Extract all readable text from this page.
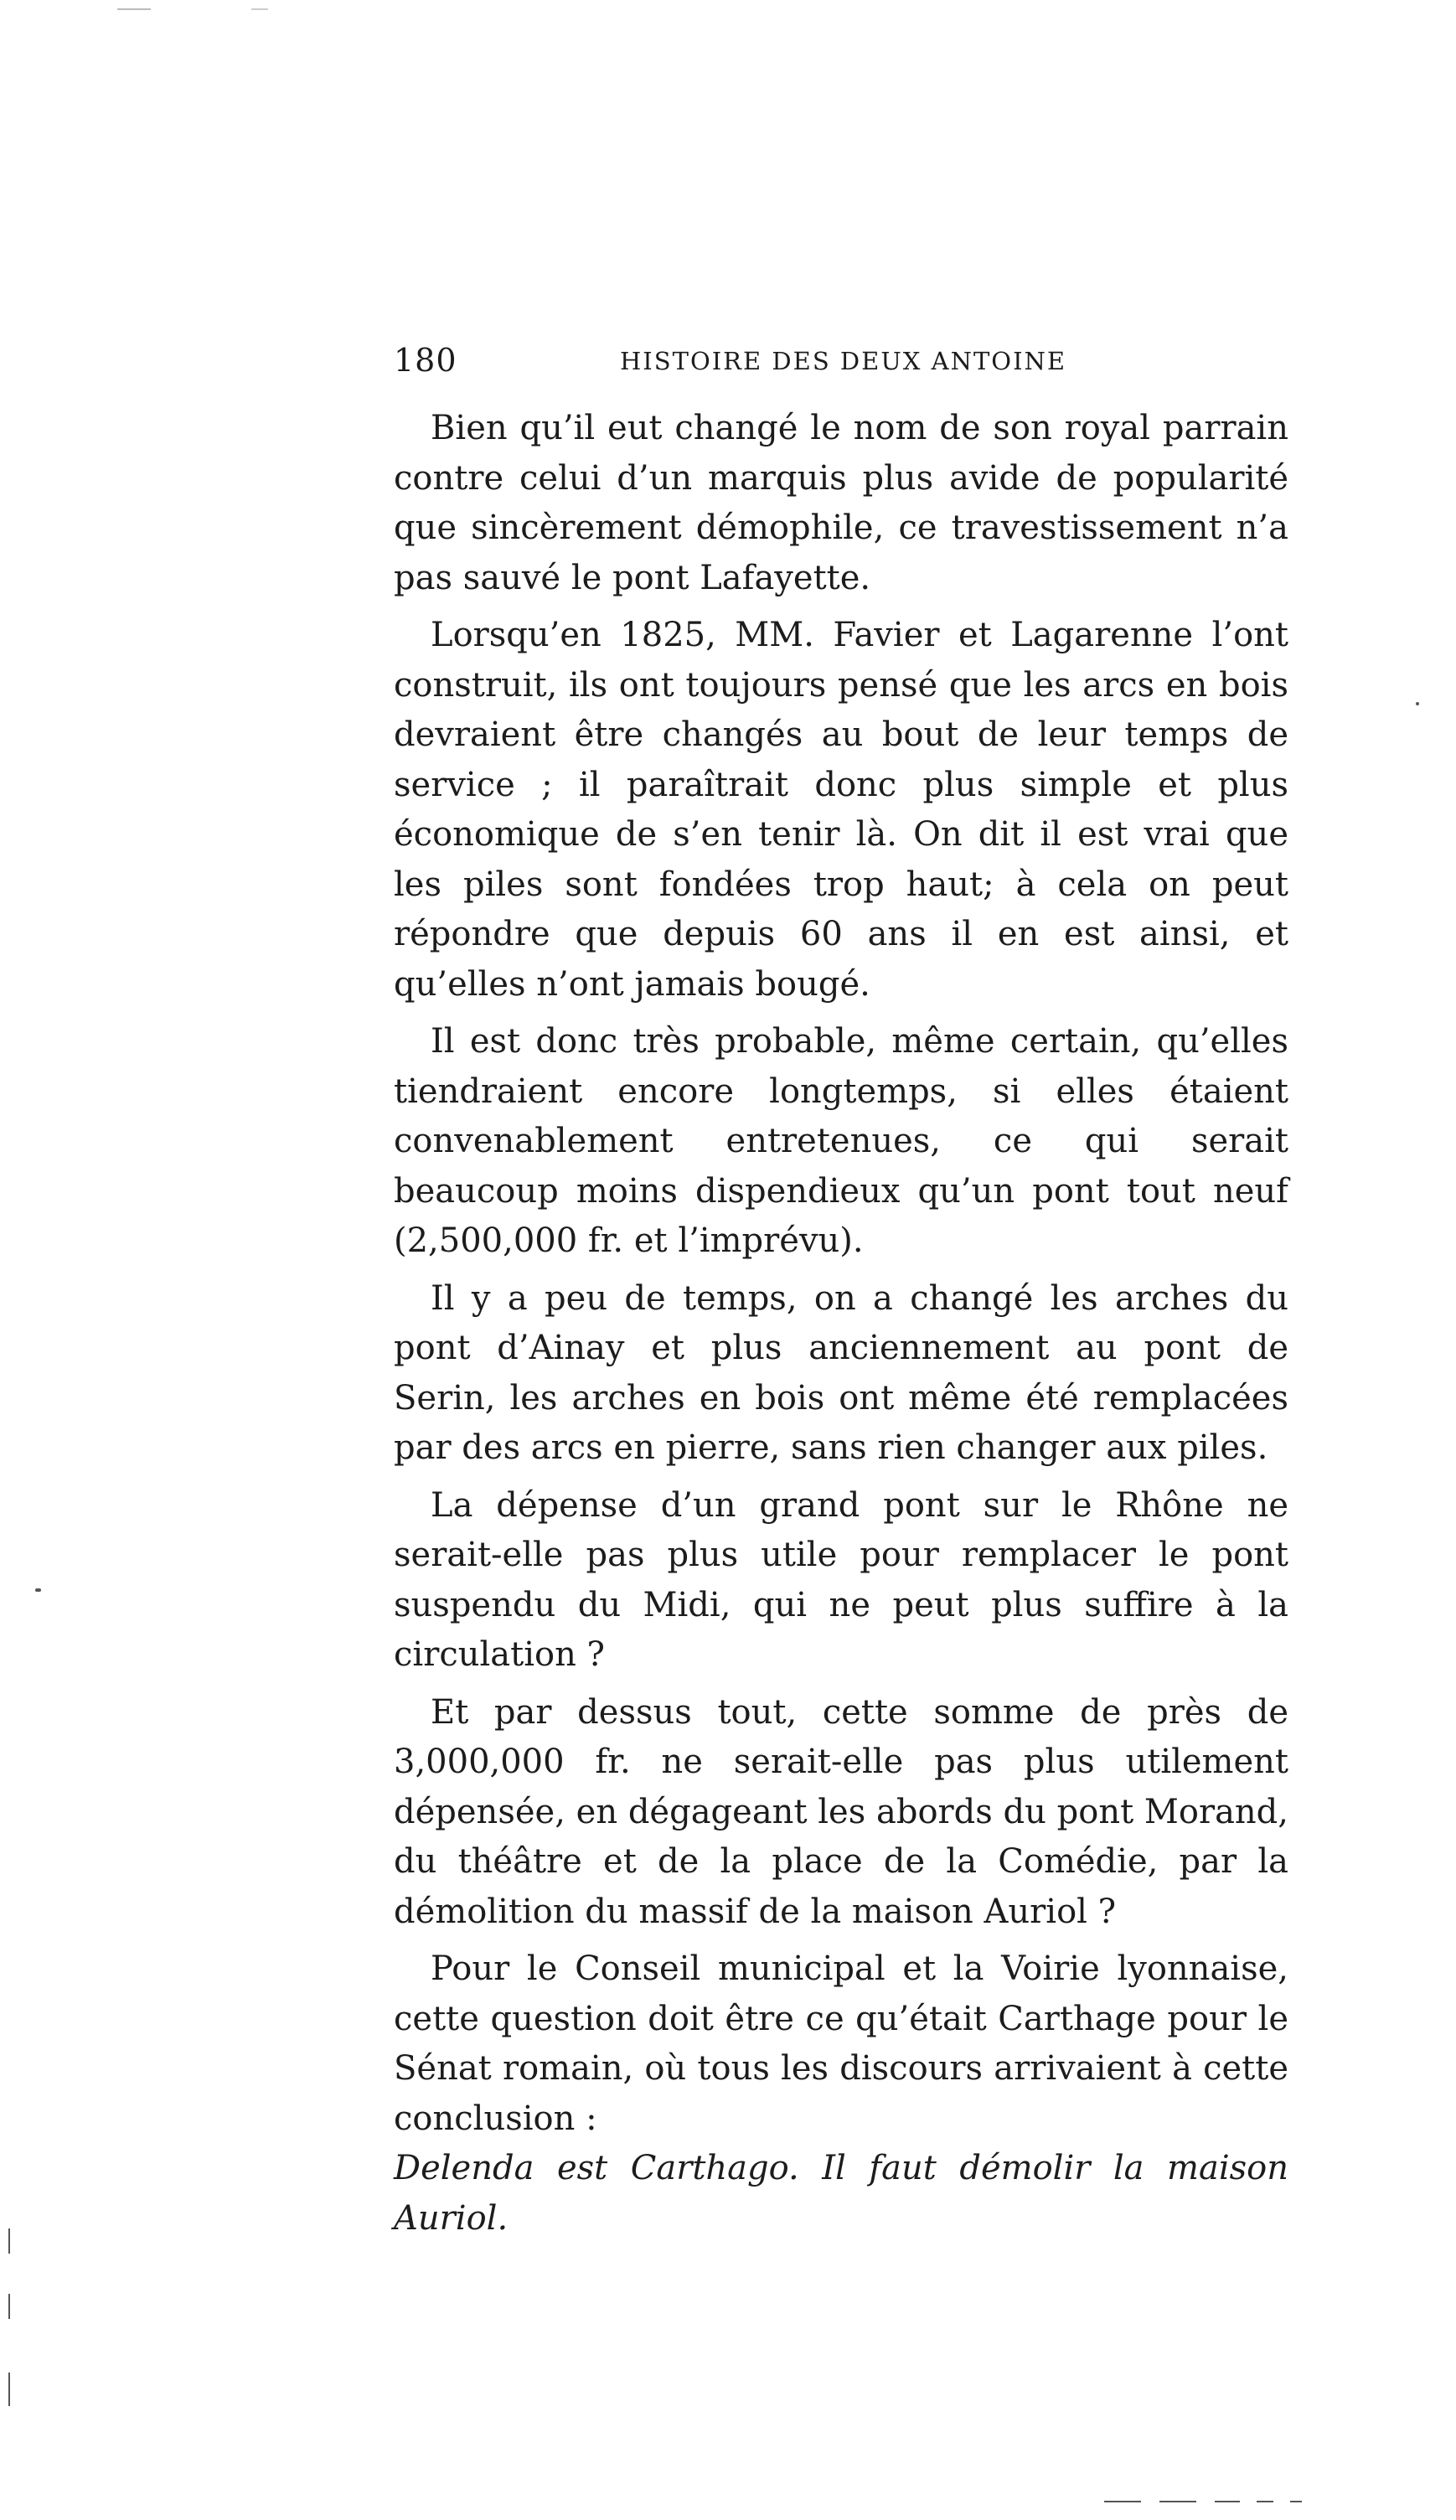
180	HISTOIRE DES DEUX ANTOINE

Bien qu’il eut changé le nom de son royal parrain contre celui d’un marquis plus avide de popularité que sincèrement démophile, ce travestissement n’a pas sauvé le pont Lafayette.

Lorsqu’en 1825, MM. Favier et Lagarenne l’ont construit, ils ont toujours pensé que les arcs en bois devraient être changés au bout de leur temps de service ; il paraîtrait donc plus simple et plus économique de s’en tenir là. On dit il est vrai que les piles sont fondées trop haut; à cela on peut répondre que depuis 60 ans il en est ainsi, et qu’elles n’ont jamais bougé.

Il est donc très probable, même certain, qu’elles tiendraient encore longtemps, si elles étaient convenablement entretenues, ce qui serait beaucoup moins dispendieux qu’un pont tout neuf (2,500,000 fr. et l’imprévu).

Il y a peu de temps, on a changé les arches du pont d’Ainay et plus anciennement au pont de Serin, les arches en bois ont même été remplacées par des arcs en pierre, sans rien changer aux piles.

La dépense d’un grand pont sur le Rhône ne serait-elle pas plus utile pour remplacer le pont suspendu du Midi, qui ne peut plus suffire à la circulation ?

Et par dessus tout, cette somme de près de 3,000,000 fr. ne serait-elle pas plus utilement dépensée, en dégageant les abords du pont Morand, du théâtre et de la place de la Comédie, par la démolition du massif de la maison Auriol ?

Pour le Conseil municipal et la Voirie lyonnaise, cette question doit être ce qu’était Carthage pour le Sénat romain, où tous les discours arrivaient à cette conclusion :
Delenda est Carthago. Il faut démolir la maison Auriol.
